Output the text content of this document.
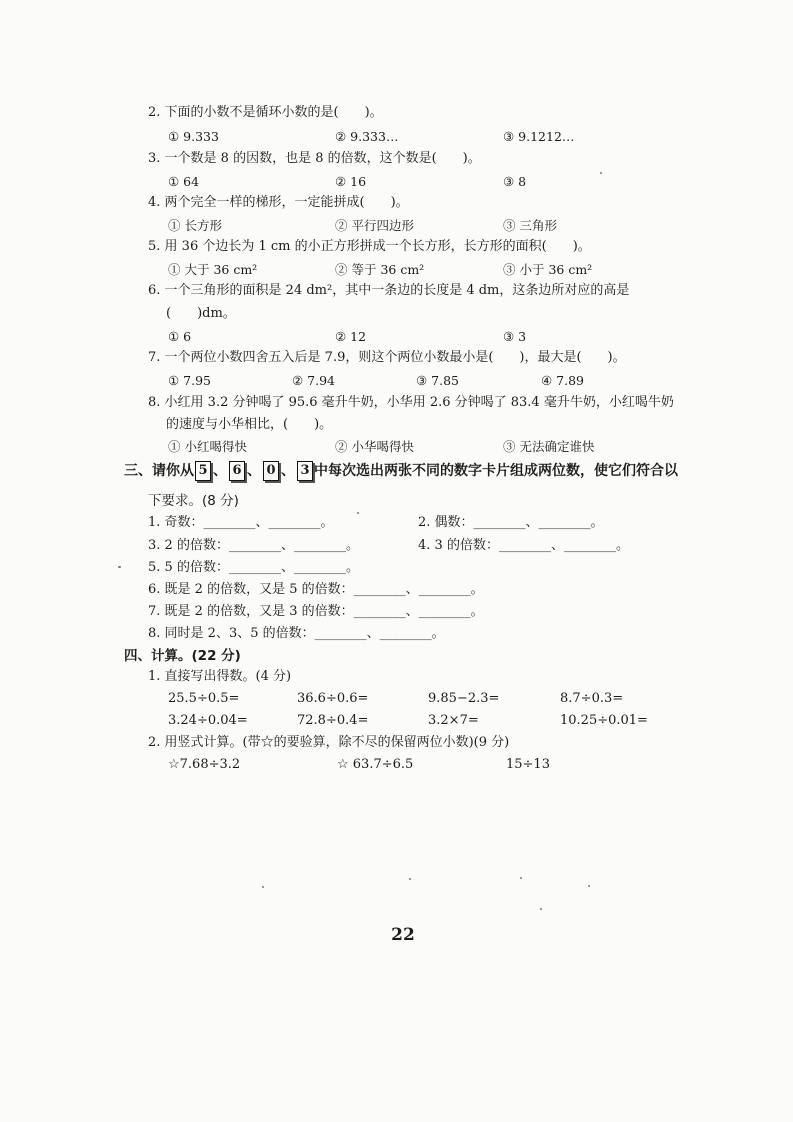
2. 下面的小数不是循环小数的是(　　)。
① 9.333	② 9.333…	③ 9.1212…
3. 一个数是 8 的因数，也是 8 的倍数，这个数是(　　)。
① 64	② 16	③ 8
4. 两个完全一样的梯形，一定能拼成(　　)。
① 长方形	② 平行四边形	③ 三角形
5. 用 36 个边长为 1 cm 的小正方形拼成一个长方形，长方形的面积(　　)。
① 大于 36 cm²	② 等于 36 cm²	③ 小于 36 cm²
6. 一个三角形的面积是 24 dm²，其中一条边的长度是 4 dm，这条边所对应的高是
(　　)dm。
① 6	② 12	③ 3
7. 一个两位小数四舍五入后是 7.9，则这个两位小数最小是(　　)，最大是(　　)。
① 7.95	② 7.94	③ 7.85	④ 7.89
8. 小红用 3.2 分钟喝了 95.6 毫升牛奶，小华用 2.6 分钟喝了 83.4 毫升牛奶，小红喝牛奶
的速度与小华相比，(　　)。
① 小红喝得快	② 小华喝得快	③ 无法确定谁快
三、请你从 5 、 6 、 0 、 3 中每次选出两张不同的数字卡片组成两位数，使它们符合以
下要求。(8 分)
1. 奇数：________、________。	2. 偶数：________、________。
3. 2 的倍数：________、________。	4. 3 的倍数：________、________。
5. 5 的倍数：________、________。
6. 既是 2 的倍数，又是 5 的倍数：________、________。
7. 既是 2 的倍数，又是 3 的倍数：________、________。
8. 同时是 2、3、5 的倍数：________、________。
四、计算。(22 分)
1. 直接写出得数。(4 分)
25.5÷0.5=	36.6÷0.6=	9.85−2.3=	8.7÷0.3=
3.24÷0.04=	72.8÷0.4=	3.2×7=	10.25÷0.01=
2. 用竖式计算。(带☆的要验算，除不尽的保留两位小数)(9 分)
☆7.68÷3.2	☆ 63.7÷6.5	15÷13
22
